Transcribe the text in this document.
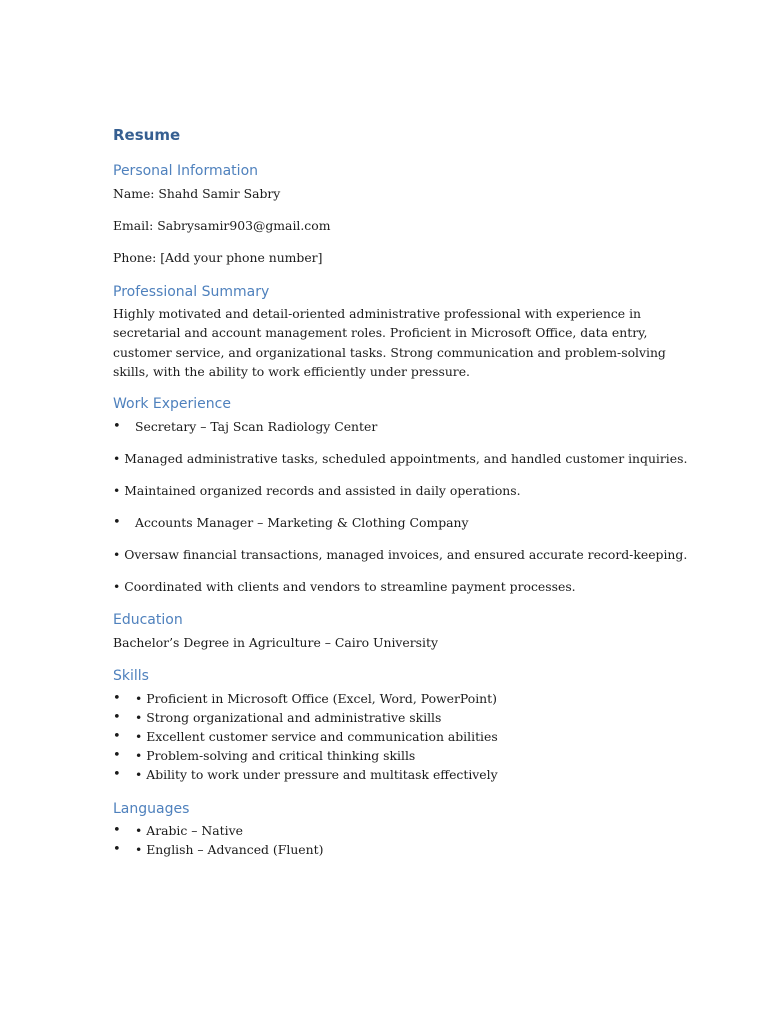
Resume
Personal Information
Name: Shahd Samir Sabry
Email: Sabrysamir903@gmail.com
Phone: [Add your phone number]
Professional Summary
Highly motivated and detail-oriented administrative professional with experience in
secretarial and account management roles. Proficient in Microsoft Office, data entry,
customer service, and organizational tasks. Strong communication and problem-solving
skills, with the ability to work efficiently under pressure.
Work Experience
• Secretary – Taj Scan Radiology Center
• Managed administrative tasks, scheduled appointments, and handled customer inquiries.
• Maintained organized records and assisted in daily operations.
• Accounts Manager – Marketing & Clothing Company
• Oversaw financial transactions, managed invoices, and ensured accurate record-keeping.
• Coordinated with clients and vendors to streamline payment processes.
Education
Bachelor’s Degree in Agriculture – Cairo University
Skills
• • Proficient in Microsoft Office (Excel, Word, PowerPoint)
• • Strong organizational and administrative skills
• • Excellent customer service and communication abilities
• • Problem-solving and critical thinking skills
• • Ability to work under pressure and multitask effectively
Languages
• • Arabic – Native
• • English – Advanced (Fluent)
